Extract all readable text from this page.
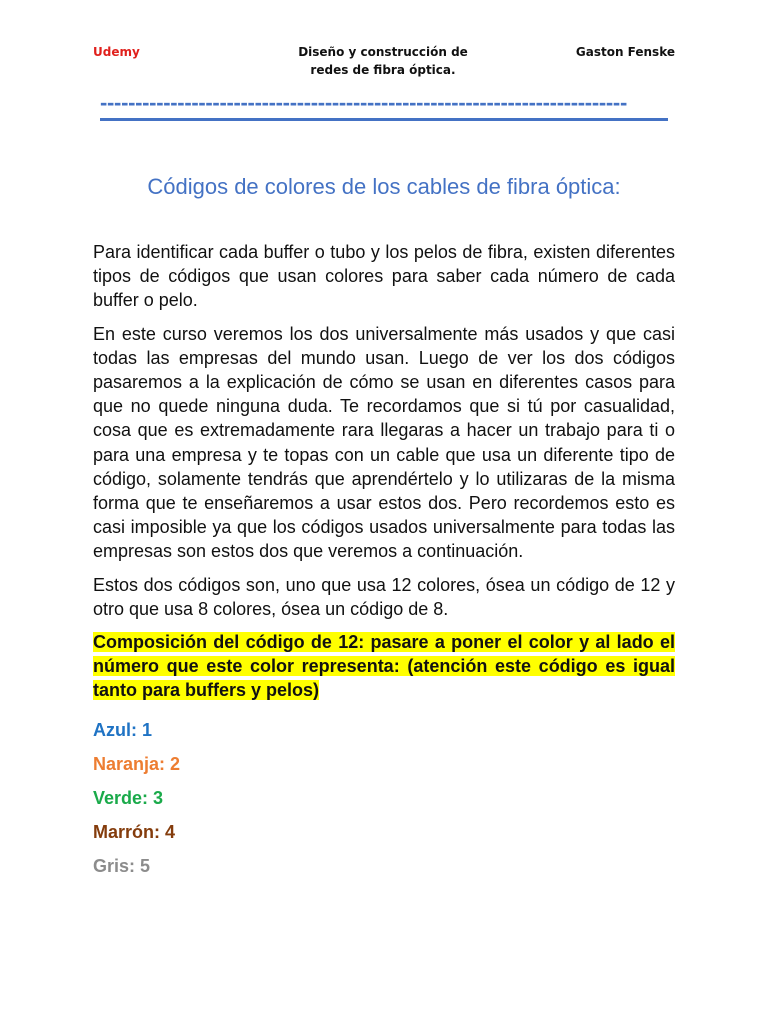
Udemy	Diseño y construcción de
redes de fibra óptica.
Gaston Fenske
---------------------------------------------------------------------------
Códigos de colores de los cables de fibra óptica:

Para identificar cada buffer o tubo y los pelos de fibra, existen diferentes tipos de códigos que usan colores para saber cada número de cada buffer o pelo.

En este curso veremos los dos universalmente más usados y que casi todas las empresas del mundo usan. Luego de ver los dos códigos pasaremos a la explicación de cómo se usan en diferentes casos para que no quede ninguna duda. Te recordamos que si tú por casualidad, cosa que es extremadamente rara llegaras a hacer un trabajo para ti o para una empresa y te topas con un cable que usa un diferente tipo de código, solamente tendrás que aprendértelo y lo utilizaras de la misma forma que te enseñaremos a usar estos dos. Pero recordemos esto es casi imposible ya que los códigos usados universalmente para todas las empresas son estos dos que veremos a continuación.

Estos dos códigos son, uno que usa 12 colores, ósea un código de 12 y otro que usa 8 colores, ósea un código de 8.

Composición del código de 12: pasare a poner el color y al lado el número que este color representa: (atención este código es igual tanto para buffers y pelos)

Azul: 1

Naranja: 2

Verde: 3

Marrón: 4

Gris: 5
